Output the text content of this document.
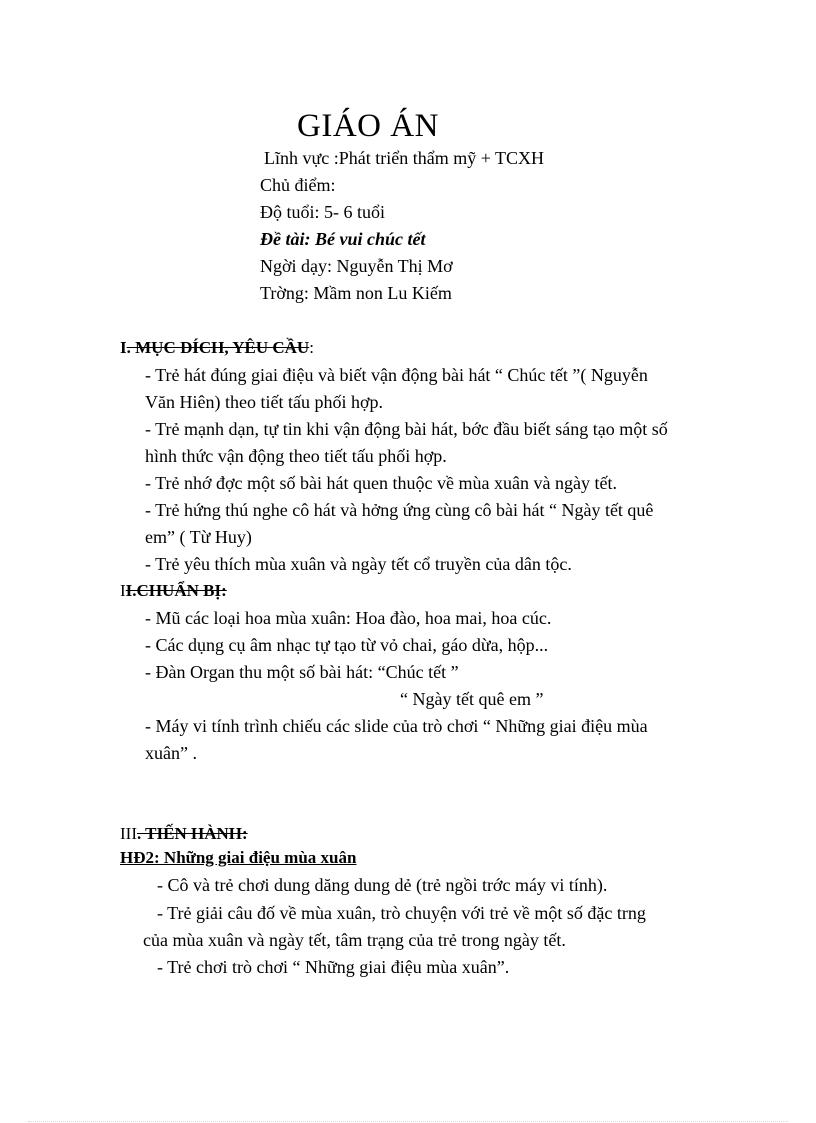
GIÁO ÁN
Lĩnh vực :Phát triển thẩm mỹ + TCXH
Chủ điểm:
Độ tuổi: 5- 6 tuổi
Đề tài: Bé vui chúc tết
Ngời dạy: Nguyễn Thị Mơ
Trờng: Mầm non Lu Kiếm
I. MỤC ĐÍCH, YÊU CẦU:
- Trẻ hát đúng giai điệu và biết vận động bài hát “ Chúc tết ”( Nguyễn
Văn Hiên) theo tiết tấu phối hợp.
- Trẻ mạnh dạn, tự tin khi vận động bài hát, bớc đầu biết sáng tạo một số
hình thức vận động theo tiết tấu phối hợp.
- Trẻ nhớ đợc một số bài hát quen thuộc về mùa xuân và ngày tết.
- Trẻ hứng thú nghe cô hát và hởng ứng cùng cô bài hát “ Ngày tết quê
em” ( Từ Huy)
- Trẻ yêu thích mùa xuân và ngày tết cổ truyền của dân tộc.
II.CHUẨN BỊ:
- Mũ các loại hoa mùa xuân: Hoa đào, hoa mai, hoa cúc.
- Các dụng cụ âm nhạc tự tạo từ vỏ chai, gáo dừa, hộp...
- Đàn Organ thu một số bài hát: “Chúc tết ”
“ Ngày tết quê em ”
- Máy vi tính trình chiếu các slide của trò chơi “ Những giai điệu mùa
xuân” .
III. TIẾN HÀNH:
HĐ2: Những giai điệu mùa xuân
- Cô và trẻ chơi dung dăng dung dẻ (trẻ ngồi trớc máy vi tính).
- Trẻ giải câu đố về mùa xuân, trò chuyện với trẻ về một số đặc trng
của mùa xuân và ngày tết, tâm trạng của trẻ trong ngày tết.
- Trẻ chơi trò chơi “ Những giai điệu mùa xuân”.
